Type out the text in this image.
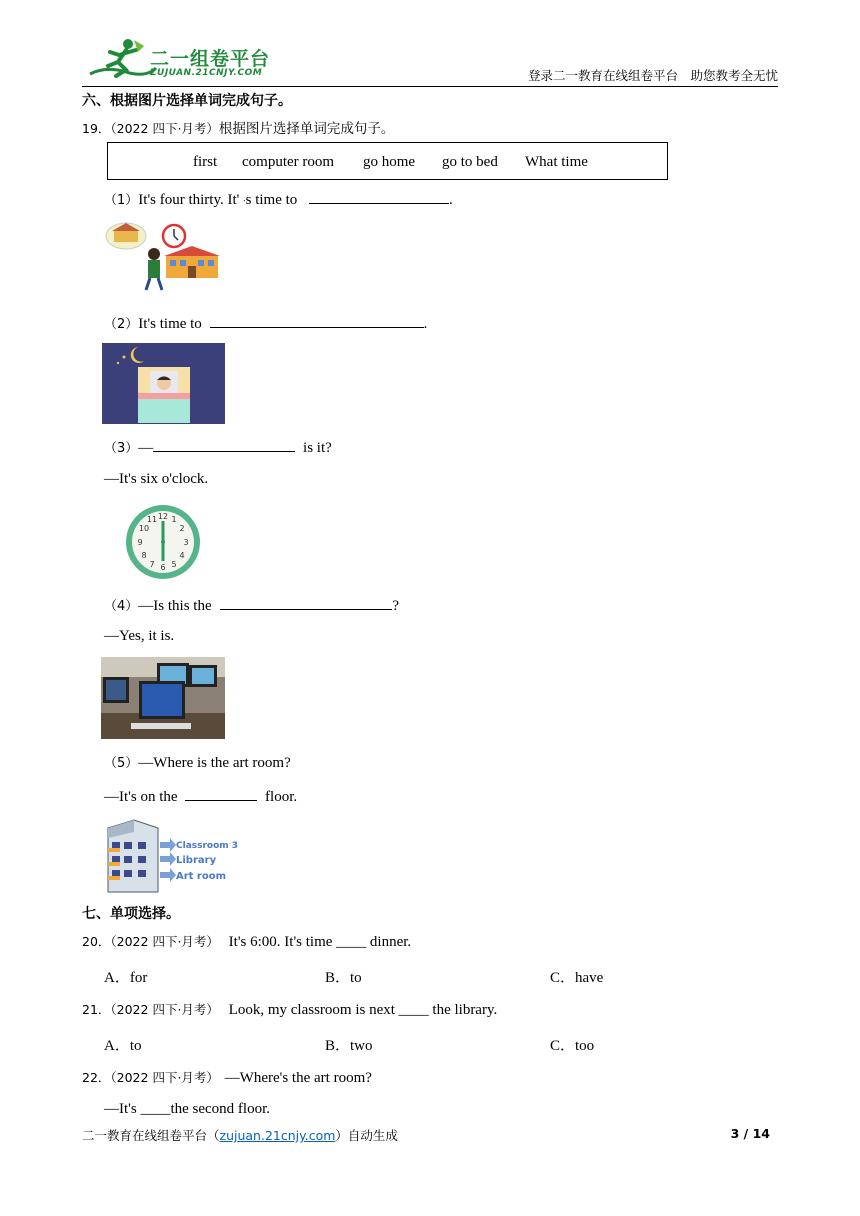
二一组卷平台
ZUJUAN.21CNJY.COM	登录二一教育在线组卷平台　助您教考全无忧
六、根据图片选择单词完成句子。
19．（2022 四下·月考）根据图片选择单词完成句子。
first computer room go home go to bed What time
（1）It's four thirty. It' ∙s time to	.
（2）It's time to	.
（3）—	is it?
—It's six o'clock.
12 1
2
3
4
5
6
7
8
9
10
11
（4）—Is this the	?
—Yes, it is.
（5）—Where is the art room?
—It's on the	floor.
Classroom 3
Library
Art room
七、单项选择。
20．（2022 四下·月考） It's 6:00. It's time ____ dinner.
A．for	B．to	C．have
21．（2022 四下·月考） Look, my classroom is next ____ the library.
A．to	B．two	C．too
22．（2022 四下·月考） —Where's the art room?
—It's ____the second floor.
二一教育在线组卷平台（zujuan.21cnjy.com）自动生成	3 / 14
